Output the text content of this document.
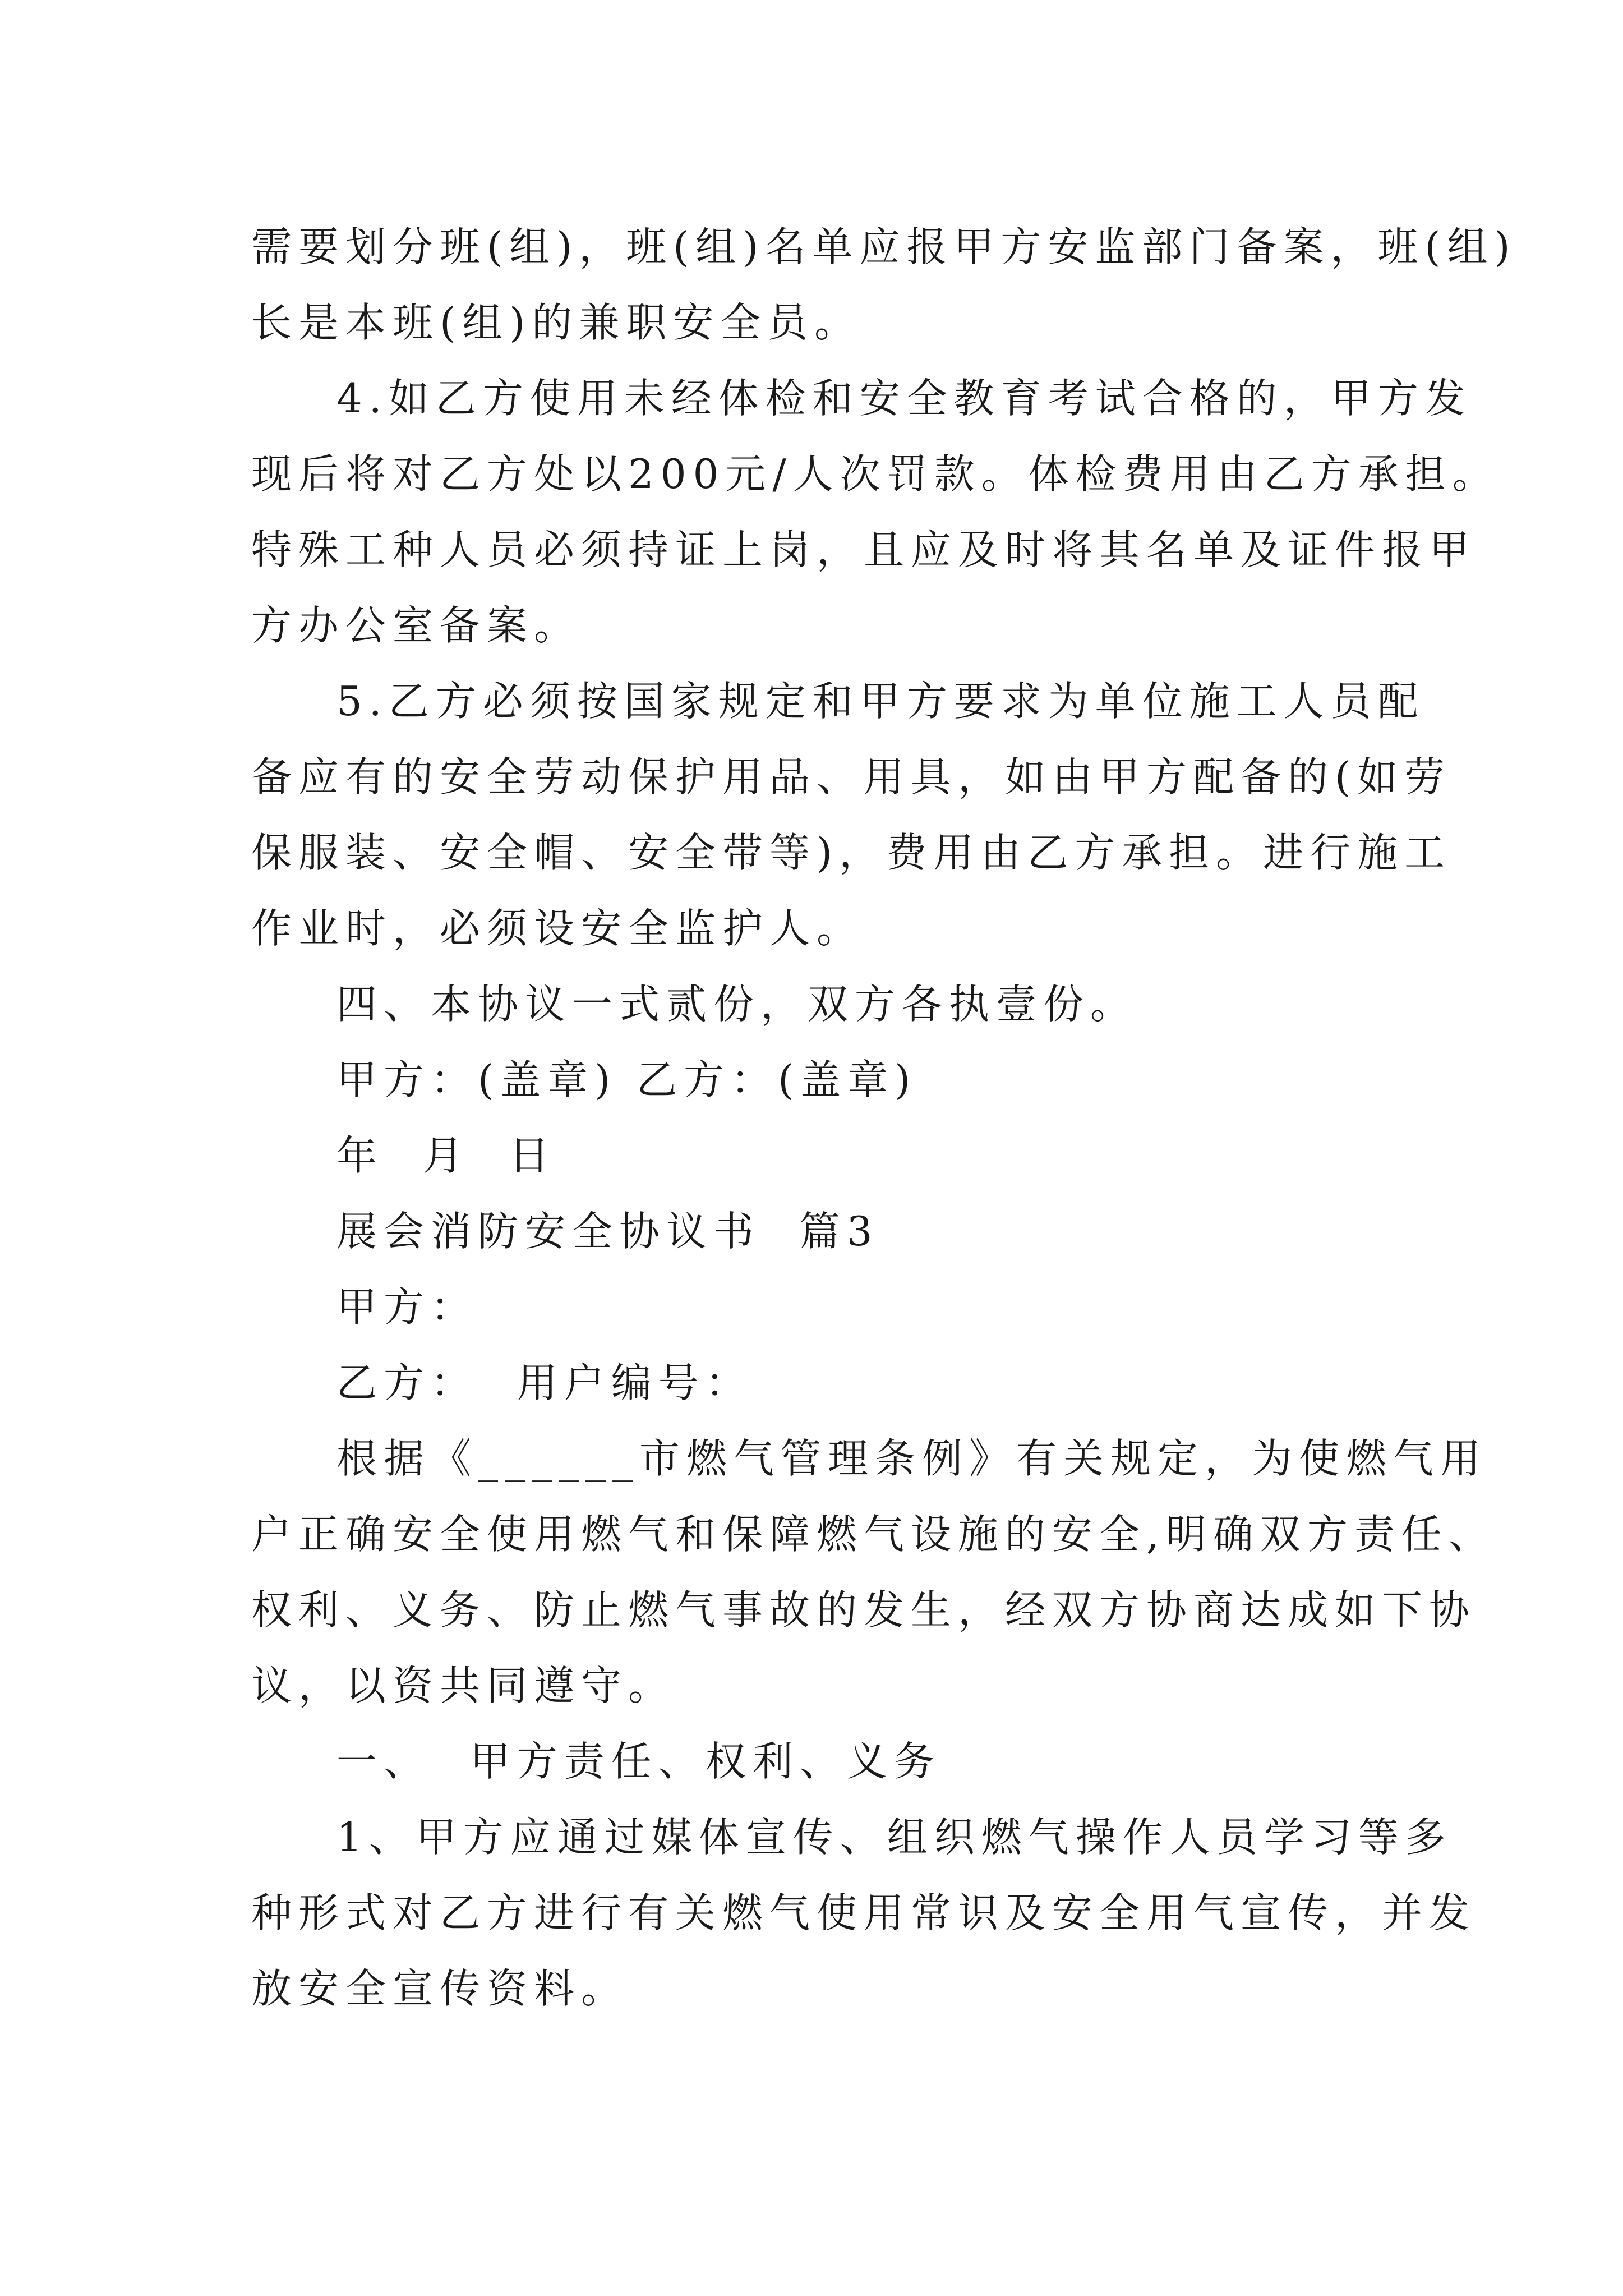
需要划分班(组)，班(组)名单应报甲方安监部门备案，班(组)
长是本班(组)的兼职安全员。
4.如乙方使用未经体检和安全教育考试合格的，甲方发
现后将对乙方处以200元/人次罚款。体检费用由乙方承担。
特殊工种人员必须持证上岗，且应及时将其名单及证件报甲
方办公室备案。
5.乙方必须按国家规定和甲方要求为单位施工人员配
备应有的安全劳动保护用品、用具，如由甲方配备的(如劳
保服装、安全帽、安全带等)，费用由乙方承担。进行施工
作业时，必须设安全监护人。
四、本协议一式贰份，双方各执壹份。
甲方：(盖章) 乙方：(盖章)
年  月  日
展会消防安全协议书  篇3
甲方：
乙方：  用户编号：
根据《______市燃气管理条例》有关规定，为使燃气用
户正确安全使用燃气和保障燃气设施的安全,明确双方责任、
权利、义务、防止燃气事故的发生，经双方协商达成如下协
议，以资共同遵守。
一、  甲方责任、权利、义务
1、甲方应通过媒体宣传、组织燃气操作人员学习等多
种形式对乙方进行有关燃气使用常识及安全用气宣传，并发
放安全宣传资料。
